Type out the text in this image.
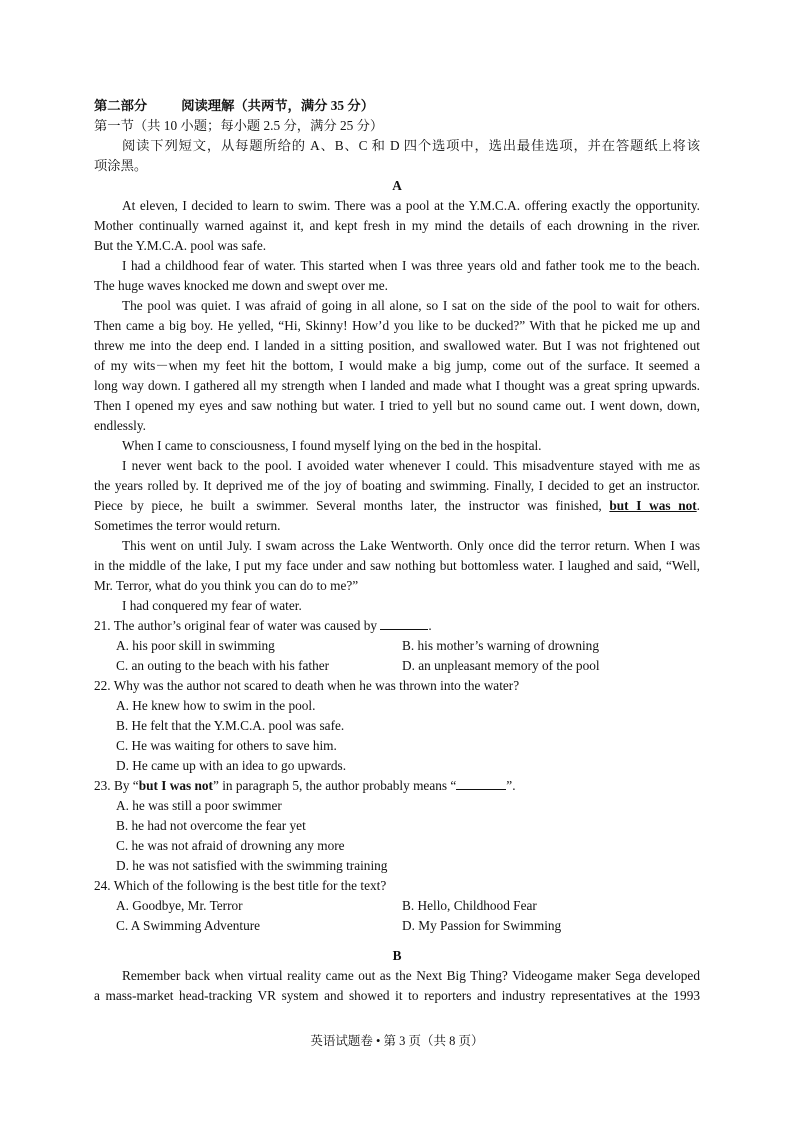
第二部分	阅读理解（共两节，满分 35 分）
第一节（共 10 小题；每小题 2.5 分，满分 25 分）
阅读下列短文，从每题所给的 A、B、C 和 D 四个选项中，选出最佳选项，并在答题纸上将该
项涂黑。
A
At eleven, I decided to learn to swim. There was a pool at the Y.M.C.A. offering exactly the opportunity.
Mother continually warned against it, and kept fresh in my mind the details of each drowning in the river.
But the Y.M.C.A. pool was safe.
I had a childhood fear of water. This started when I was three years old and father took me to the beach.
The huge waves knocked me down and swept over me.
The pool was quiet. I was afraid of going in all alone, so I sat on the side of the pool to wait for others.
Then came a big boy. He yelled, “Hi, Skinny! How’d you like to be ducked?” With that he picked me up and
threw me into the deep end. I landed in a sitting position, and swallowed water. But I was not frightened out
of my wits－when my feet hit the bottom, I would make a big jump, come out of the surface. It seemed a
long way down. I gathered all my strength when I landed and made what I thought was a great spring upwards.
Then I opened my eyes and saw nothing but water. I tried to yell but no sound came out. I went down, down,
endlessly.
When I came to consciousness, I found myself lying on the bed in the hospital.
I never went back to the pool. I avoided water whenever I could. This misadventure stayed with me as
the years rolled by. It deprived me of the joy of boating and swimming. Finally, I decided to get an instructor.
Piece by piece, he built a swimmer. Several months later, the instructor was finished, but I was not.
Sometimes the terror would return.
This went on until July. I swam across the Lake Wentworth. Only once did the terror return. When I was
in the middle of the lake, I put my face under and saw nothing but bottomless water. I laughed and said, “Well,
Mr. Terror, what do you think you can do to me?”
I had conquered my fear of water.
21. The author’s original fear of water was caused by	.
A. his poor skill in swimming	B. his mother’s warning of drowning
C. an outing to the beach with his father	D. an unpleasant memory of the pool
22. Why was the author not scared to death when he was thrown into the water?
A. He knew how to swim in the pool.
B. He felt that the Y.M.C.A. pool was safe.
C. He was waiting for others to save him.
D. He came up with an idea to go upwards.
23. By “but I was not” in paragraph 5, the author probably means “	”.
A. he was still a poor swimmer
B. he had not overcome the fear yet
C. he was not afraid of drowning any more
D. he was not satisfied with the swimming training
24. Which of the following is the best title for the text?
A. Goodbye, Mr. Terror	B. Hello, Childhood Fear
C. A Swimming Adventure	D. My Passion for Swimming
B
Remember back when virtual reality came out as the Next Big Thing? Videogame maker Sega developed
a mass-market head-tracking VR system and showed it to reporters and industry representatives at the 1993
英语试题卷 • 第 3 页（共 8 页）
